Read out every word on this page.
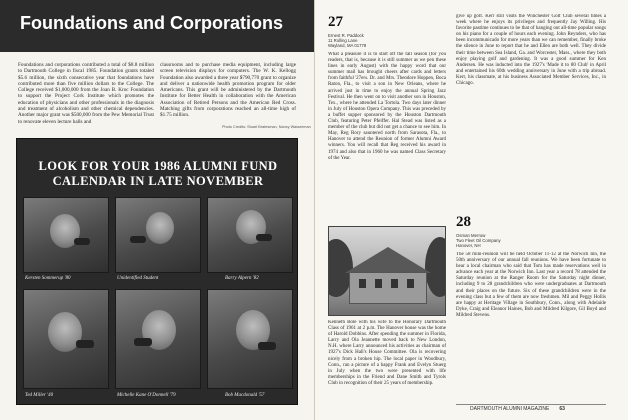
Foundations and Corporations
Foundations and corporations contributed a total of $8.8 million to Dartmouth College in fiscal 1985. Foundation grants totaled $5.6 million, the sixth consecutive year that foundations have contributed more than five million dollars to the College. The College received $1,000,000 from the Joan B. Kroc Foundation to support the Project Cork Institute which promotes the education of physicians and other professionals in the diagnosis and treatment of alcoholism and other chemical dependencies. Another major grant was $500,000 from the Pew Memorial Trust to renovate eleven lecture halls and
classrooms and to purchase media equipment, including large screen television displays for computers. The W. K. Kellogg Foundation also awarded a three year $790,770 grant to organize and deliver a nationwide health promotion program for older Americans. This grant will be administered by the Dartmouth Institute for Better Health in collaboration with the American Association of Retired Persons and the American Red Cross. Matching gifts from corporations reached an all-time high of $1.75 million.
Photo Credits: Stuart Bratesman, Nancy Wasserman
LOOK FOR YOUR 1986 ALUMNI FUND CALENDAR IN LATE NOVEMBER
Kersten Sommerup '80	Unidentified Student	Barry Alpern '82
Ted Miller '40	Michelle Kane O'Donnell '79	Bob Macdonald '57
27
Ernest R. Paddock
11 Rolling Lane
Wayland, MA 01778
What a pleasure it is to start off the fall season (for you readers, that is, because it is still summer as we pen these lines in early August) with the happy word that our summer mail has brought cheers after cards and letters from faithful '27ers. Dr. and Mrs. Theodore Hoppen, Boca Raton, Fla., to visit a son in New Orleans, where he arrived just in time to enjoy the annual Spring Jazz Festival. He then went on to visit another son in Houston, Tex., where he attended La Tortola. Two days later dinner in July of Houston Opera Company. This was preceded by a buffet supper sponsored by the Houston Dartmouth Club, featuring Peter Pfeiffer. Hal Stead was listed as a member of the club but did not get a chance to see him. In May, Reg Rory sauntered north from Sarasota, Fla., to Hanover to attend the Reunion of former Alumni Award winners. You will recall that Reg received his award in 1974 and also that in 1960 he was named Class Secretary of the Year.
Kenneth Bole with his wife to the Honorary Dartmouth Class of 1961 at 2 p.m. The Hanover house was the home of Harold Dobbins. After spending the summer in Florida, Larry and Ola Jeannette moved back to New London, N.H. where Larry announced his activities as chairman of 1927's Dick Hall's House Committee. Ola is recovering nicely from a broken hip. The local paper in Woodbury, Conn., ran a picture of a happy Frank and Evelyn Stuerg in July when the two were presented with life memberships in the Friend and Dane Smith and Tyrols Club in recognition of their 25 years of membership.
give up golf. Kerr still visits the Winchester Golf Club several times a week where he enjoys its privileges and frequently Jay Willing. His favorite pastime continues to be that of hanging out all-time popular songs on his piano for a couple of hours each evening. John Reynders, who has been incommunicado for more years than we can remember, finally broke the silence in June to report that he and Ellen are both well. They divide their time between Sea Island, Ga. and Worcester, Mass., where they both enjoy playing golf and gardening. It was a good summer for Ken Andersen. He was inducted into the 1927's 'Made it to 80 Club' in April and entertained his 60th wedding anniversary in June with a trip abroad. Kerr, his classmate, at his business Associated Member Services, Inc., in Chicago.
28
Osman Merrow
Two Fleet Oil Company
Hanover, NH
The 58 mini-reunion will be held October 11-12 at the Norwich Inn, the 50th anniversary of our annual fall reunions. We have been fortunate to hear a local chairman who said that Tom has made reservations well in advance each year at the Norwich Inn. Last year a record 78 attended the Saturday reunion at the Ranger Room for the Saturday night dinner, including 9 to 28 grandchildren who were undergraduates at Dartmouth and their places on the future. Six of these grandchildren were in the evening class but a few of them are now freshmen. Mil and Peggy Hollis are happy at Heritage Village in Southbury, Conn., along with Adelaide Dyke, Craig and Eleanor Haines, Bob and Mildred Kilgore, Gil Boyd and Mildred Stevens.
DARTMOUTH ALUMNI MAGAZINE 63
